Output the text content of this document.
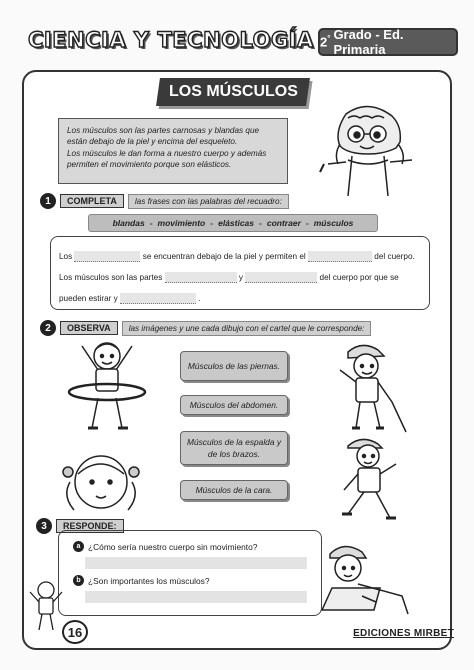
CIENCIA Y TECNOLOGÍA 2° Grado - Ed. Primaria
LOS MÚSCULOS

Los músculos son las partes carnosas y blandas que están debajo de la piel y encima del esqueleto.

Los músculos le dan forma a nuestro cuerpo y además permiten el movimiento porque son elásticos.

1	COMPLETA	las frases con las palabras del recuadro:
blandas - movimiento - elásticas - contraer - músculos
Los	se encuentran debajo de la piel y permiten el	del cuerpo.
Los músculos son las partes	y	del cuerpo por que se
pueden estirar y	.
2	OBSERVA	las imágenes y une cada dibujo con el cartel que le corresponde:
Músculos de las piernas.
Músculos del abdomen.
Músculos de la espalda y de los brazos.
Músculos de la cara.
3	RESPONDE:
a ¿Cómo sería nuestro cuerpo sin movimiento?
b ¿Son importantes los músculos?
16	EDICIONES MIRBET
